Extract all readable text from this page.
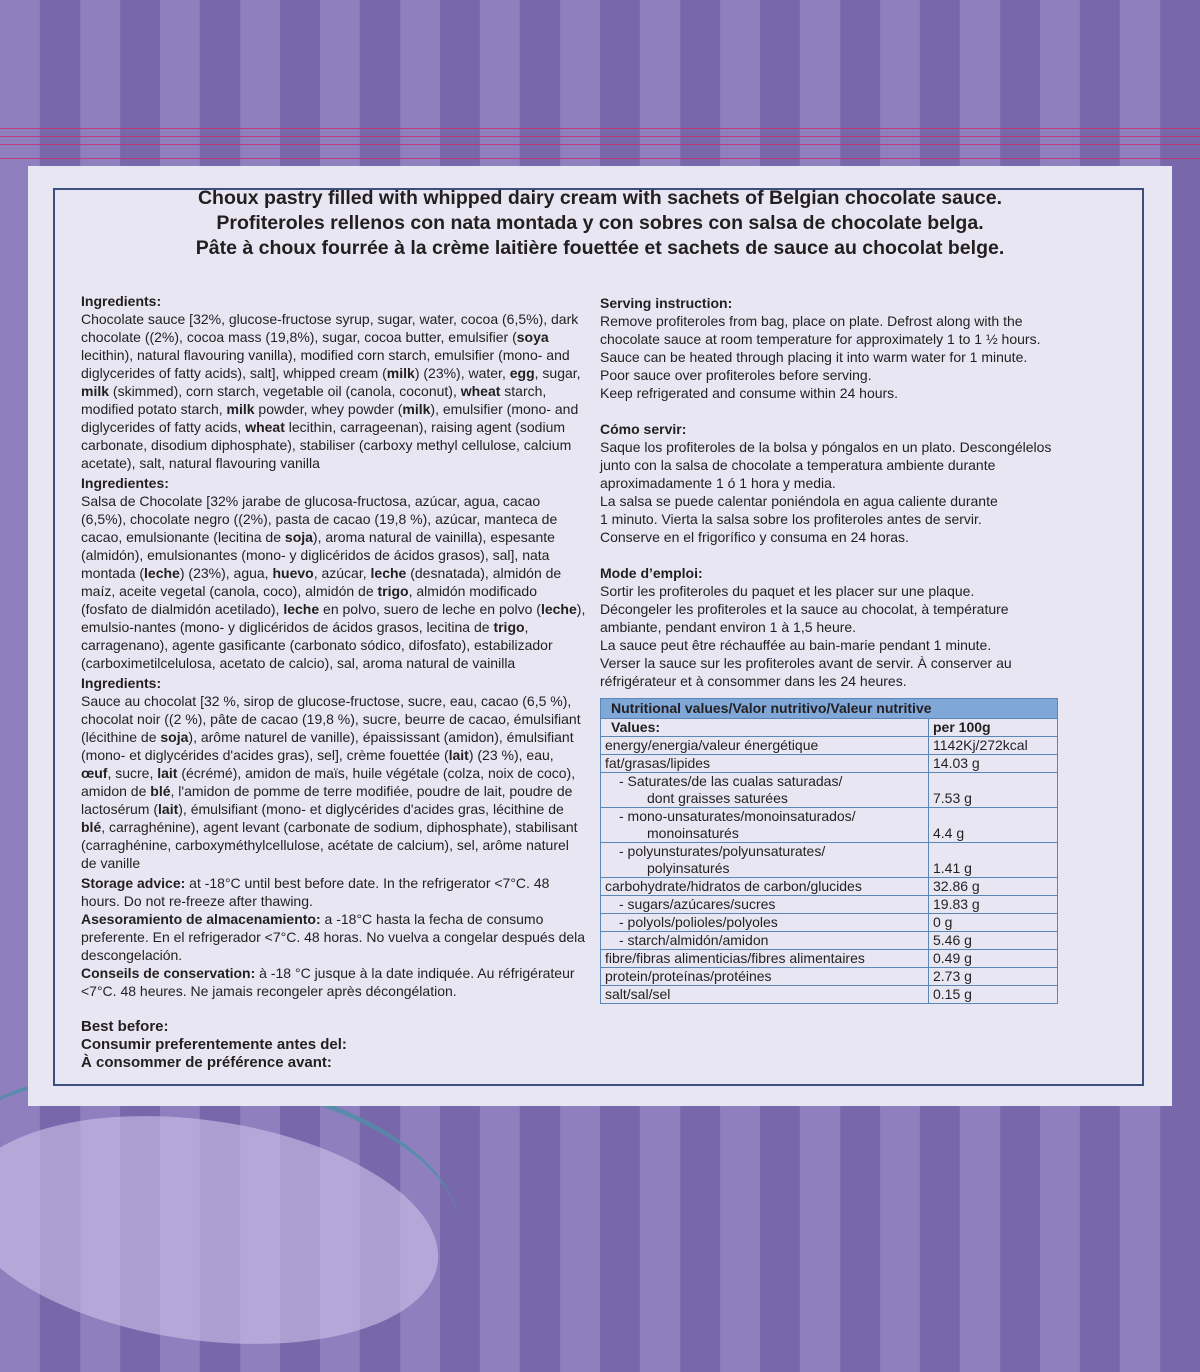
Choux pastry filled with whipped dairy cream with sachets of Belgian chocolate sauce.
Profiteroles rellenos con nata montada y con sobres con salsa de chocolate belga.
Pâte à choux fourrée à la crème laitière fouettée et sachets de sauce au chocolat belge.
Ingredients:

Chocolate sauce [32%, glucose-fructose syrup, sugar, water, cocoa (6,5%), dark chocolate ((2%), cocoa mass (19,8%), sugar, cocoa butter, emulsifier (soya lecithin), natural flavouring vanilla), modified corn starch, emulsifier (mono- and diglycerides of fatty acids), salt], whipped cream (milk) (23%), water, egg, sugar, milk (skimmed), corn starch, vegetable oil (canola, coconut), wheat starch, modified potato starch, milk powder, whey powder (milk), emulsifier (mono- and diglycerides of fatty acids, wheat lecithin, carrageenan), raising agent (sodium carbonate, disodium diphosphate), stabiliser (carboxy methyl cellulose, calcium acetate), salt, natural flavouring vanilla

Ingredientes:

Salsa de Chocolate [32% jarabe de glucosa-fructosa, azúcar, agua, cacao (6,5%), chocolate negro ((2%), pasta de cacao (19,8 %), azúcar, manteca de cacao, emulsionante (lecitina de soja), aroma natural de vainilla), espesante (almidón), emulsionantes (mono- y diglicéridos de ácidos grasos), sal], nata montada (leche) (23%), agua, huevo, azúcar, leche (desnatada), almidón de maíz, aceite vegetal (canola, coco), almidón de trigo, almidón modificado (fosfato de dialmidón acetilado), leche en polvo, suero de leche en polvo (leche), emulsio-nantes (mono- y diglicéridos de ácidos grasos, lecitina de trigo, carragenano), agente gasificante (carbonato sódico, difosfato), estabilizador (carboximetilcelulosa, acetato de calcio), sal, aroma natural de vainilla

Ingredients:

Sauce au chocolat [32 %, sirop de glucose-fructose, sucre, eau, cacao (6,5 %), chocolat noir ((2 %), pâte de cacao (19,8 %), sucre, beurre de cacao, émulsifiant (lécithine de soja), arôme naturel de vanille), épaississant (amidon), émulsifiant (mono- et diglycérides d'acides gras), sel], crème fouettée (lait) (23 %), eau, œuf, sucre, lait (écrémé), amidon de maïs, huile végétale (colza, noix de coco), amidon de blé, l'amidon de pomme de terre modifiée, poudre de lait, poudre de lactosérum (lait), émulsifiant (mono- et diglycérides d'acides gras, lécithine de blé, carraghénine), agent levant (carbonate de sodium, diphosphate), stabilisant (carraghénine, carboxyméthylcellulose, acétate de calcium), sel, arôme naturel de vanille

Storage advice: at -18°C until best before date. In the refrigerator <7°C. 48 hours. Do not re-freeze after thawing.

Asesoramiento de almacenamiento: a -18°C hasta la fecha de consumo preferente. En el refrigerador <7°C. 48 horas. No vuelva a congelar después dela descongelación.

Conseils de conservation: à -18 °C jusque à la date indiquée. Au réfrigérateur <7°C. 48 heures. Ne jamais recongeler après décongélation.

Best before:
Consumir preferentemente antes del:
À consommer de préférence avant:
Serving instruction:

Remove profiteroles from bag, place on plate. Defrost along with the

chocolate sauce at room temperature for approximately 1 to 1 ½ hours.

Sauce can be heated through placing it into warm water for 1 minute.

Poor sauce over profiteroles before serving.

Keep refrigerated and consume within 24 hours.

Cómo servir:

Saque los profiteroles de la bolsa y póngalos en un plato. Descongélelos

junto con la salsa de chocolate a temperatura ambiente durante

aproximadamente 1 ó 1 hora y media.

La salsa se puede calentar poniéndola en agua caliente durante

1 minuto. Vierta la salsa sobre los profiteroles antes de servir.

Conserve en el frigorífico y consuma en 24 horas.

Mode d’emploi:

Sortir les profiteroles du paquet et les placer sur une plaque.

Décongeler les profiteroles et la sauce au chocolat, à température

ambiante, pendant environ 1 à 1,5 heure.

La sauce peut être réchauffée au bain-marie pendant 1 minute.

Verser la sauce sur les profiteroles avant de servir. À conserver au

réfrigérateur et à consommer dans les 24 heures.

Nutritional values/Valor nutritivo/Valeur nutritive	
Values:	per 100g
energy/energia/valeur énergétique	1142Kj/272kcal
fat/grasas/lipides	14.03 g
- Saturates/de las cualas saturadas/
dont graisses saturées	7.53 g
- mono-unsaturates/monoinsaturados/
monoinsaturés	4.4 g
- polyunsturates/polyunsaturates/
polyinsaturés	1.41 g
carbohydrate/hidratos de carbon/glucides	32.86 g
- sugars/azúcares/sucres	19.83 g
- polyols/polioles/polyoles	0 g
- starch/almidón/amidon	5.46 g
fibre/fibras alimenticias/fibres alimentaires	0.49 g
protein/proteínas/protéines	2.73 g
salt/sal/sel	0.15 g
